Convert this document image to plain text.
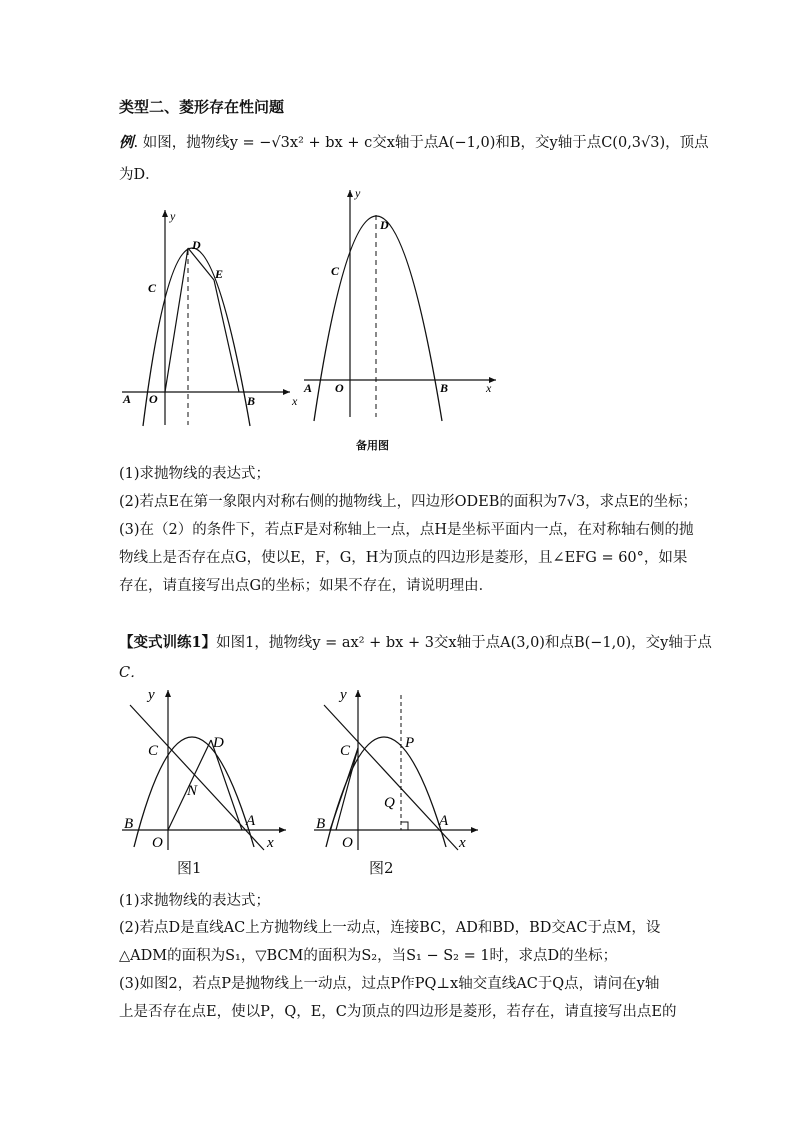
类型二、菱形存在性问题
例. 如图，抛物线y = −√3x² + bx + c交x轴于点A(−1,0)和B，交y轴于点C(0,3√3)，顶点
为D．
y
D
E
C
A O	B	x
y
D
C
A O	B	x
备用图
(1)求抛物线的表达式；
(2)若点E在第一象限内对称右侧的抛物线上，四边形ODEB的面积为7√3，求点E的坐标；
(3)在（2）的条件下，若点F是对称轴上一点，点H是坐标平面内一点，在对称轴右侧的抛
物线上是否存在点G，使以E，F，G，H为顶点的四边形是菱形，且∠EFG = 60°，如果
存在，请直接写出点G的坐标；如果不存在，请说明理由．
【变式训练1】如图1，抛物线y = ax² + bx + 3交x轴于点A(3,0)和点B(−1,0)，交y轴于点
C．
y
C	D
N
B
O
A
x
图1
y
C	P
Q
B
O
A
x
图2
(1)求抛物线的表达式；
(2)若点D是直线AC上方抛物线上一动点，连接BC，AD和BD，BD交AC于点M，设
△ADM的面积为S₁，▽BCM的面积为S₂，当S₁ − S₂ = 1时，求点D的坐标；
(3)如图2，若点P是抛物线上一动点，过点P作PQ⊥x轴交直线AC于Q点，请问在y轴
上是否存在点E，使以P，Q，E，C为顶点的四边形是菱形，若存在，请直接写出点E的
